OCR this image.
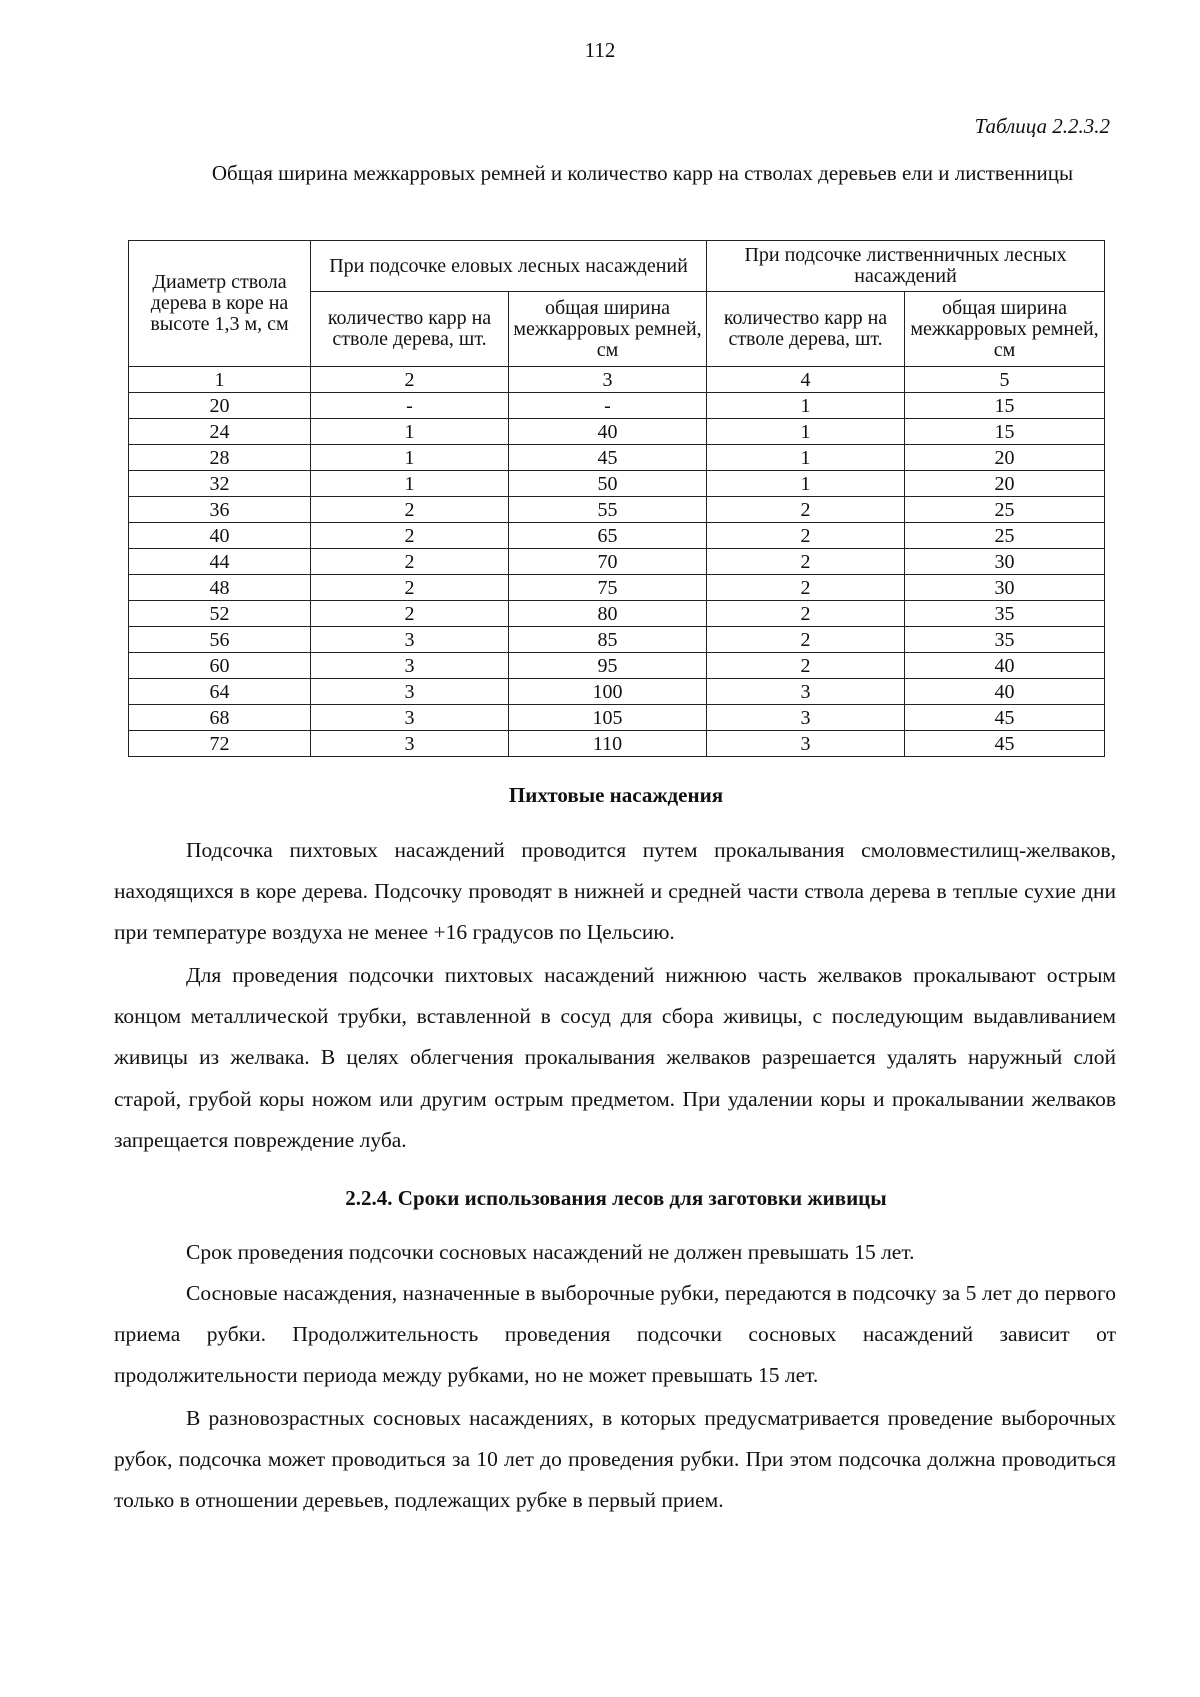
112
Таблица 2.2.3.2
Общая ширина межкарровых ремней и количество карр на стволах деревьев ели и лиственницы
Диаметр ствола дерева в коре на высоте 1,3 м, см	При подсочке еловых лесных насаждений		При подсочке лиственничных лесных насаждений	
	количество карр на стволе дерева, шт.	общая ширина межкарровых ремней, см	количество карр на стволе дерева, шт.	общая ширина межкарровых ремней, см
1	2	3	4	5
20	-	-	1	15
24	1	40	1	15
28	1	45	1	20
32	1	50	1	20
36	2	55	2	25
40	2	65	2	25
44	2	70	2	30
48	2	75	2	30
52	2	80	2	35
56	3	85	2	35
60	3	95	2	40
64	3	100	3	40
68	3	105	3	45
72	3	110	3	45
Пихтовые насаждения

Подсочка пихтовых насаждений проводится путем прокалывания смоловместилищ-желваков, находящихся в коре дерева. Подсочку проводят в нижней и средней части ствола дерева в теплые сухие дни при температуре воздуха не менее +16 градусов по Цельсию.

Для проведения подсочки пихтовых насаждений нижнюю часть желваков прокалывают острым концом металлической трубки, вставленной в сосуд для сбора живицы, с последующим выдавливанием живицы из желвака. В целях облегчения прокалывания желваков разрешается удалять наружный слой старой, грубой коры ножом или другим острым предметом. При удалении коры и прокалывании желваков запрещается повреждение луба.

2.2.4. Сроки использования лесов для заготовки живицы

Срок проведения подсочки сосновых насаждений не должен превышать 15 лет.

Сосновые насаждения, назначенные в выборочные рубки, передаются в подсочку за 5 лет до первого приема рубки. Продолжительность проведения подсочки сосновых насаждений зависит от продолжительности периода между рубками, но не может превышать 15 лет.

В разновозрастных сосновых насаждениях, в которых предусматривается проведение выборочных рубок, подсочка может проводиться за 10 лет до проведения рубки. При этом подсочка должна проводиться только в отношении деревьев, подлежащих рубке в первый прием.
